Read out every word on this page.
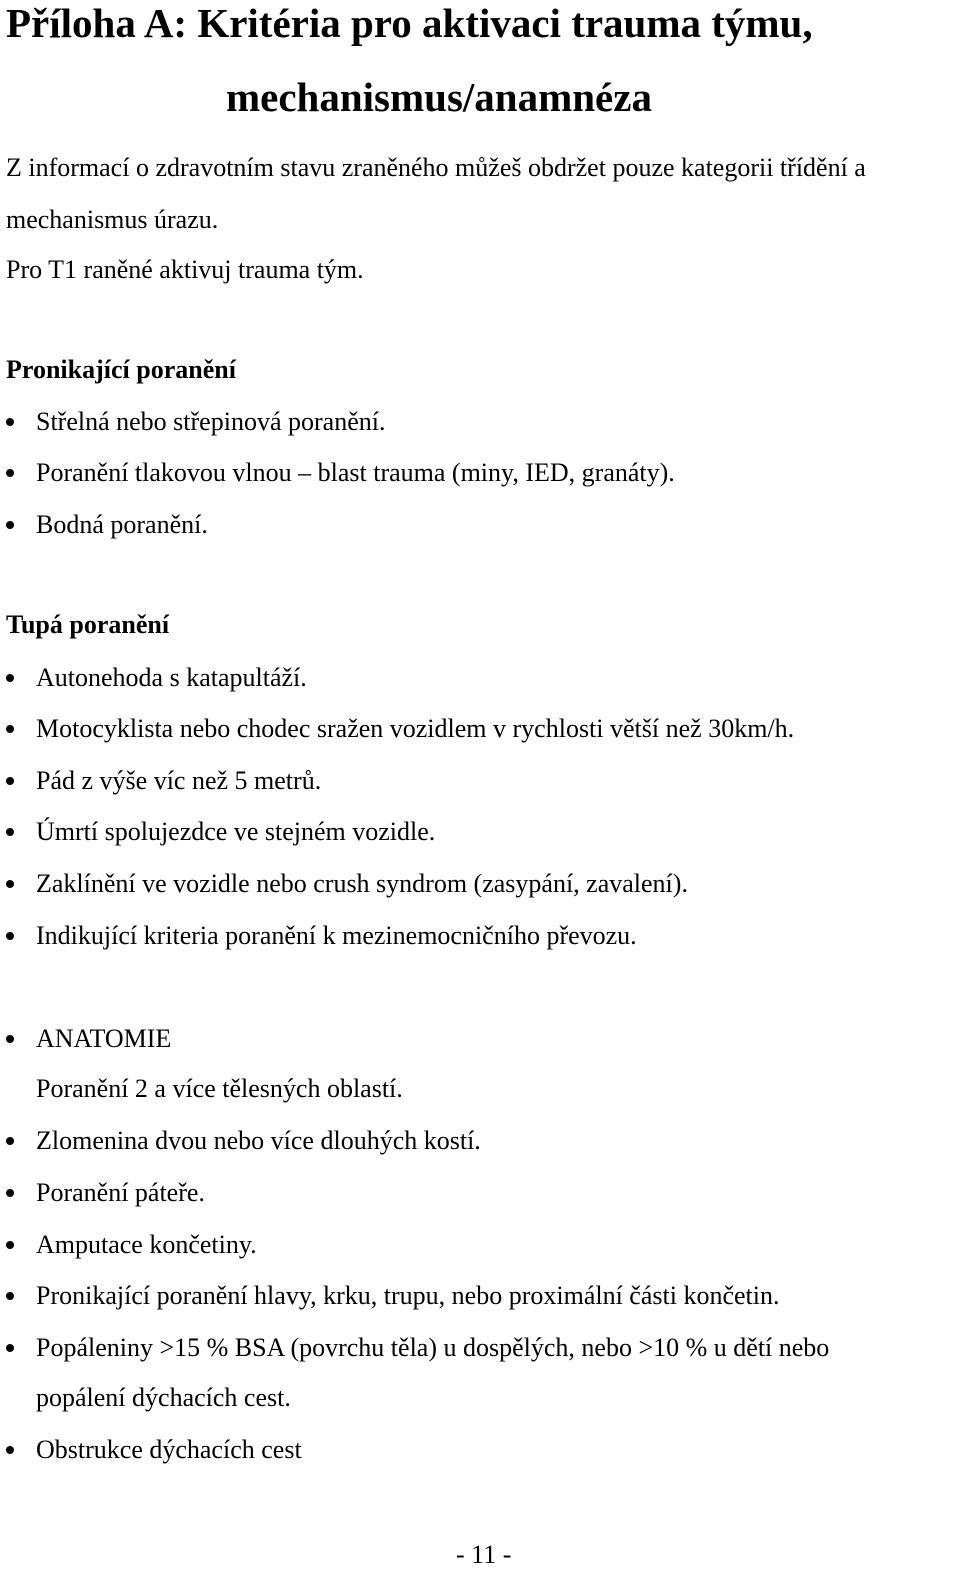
Příloha A: Kritéria pro aktivaci trauma týmu,
mechanismus/anamnéza
Z informací o zdravotním stavu zraněného můžeš obdržet pouze kategorii třídění a
mechanismus úrazu.
Pro T1 raněné aktivuj trauma tým.
Pronikající poranění
Střelná nebo střepinová poranění.
Poranění tlakovou vlnou – blast trauma (miny, IED, granáty).
Bodná poranění.
Tupá poranění
Autonehoda s katapultáží.
Motocyklista nebo chodec sražen vozidlem v rychlosti větší než 30km/h.
Pád z výše víc než 5 metrů.
Úmrtí spolujezdce ve stejném vozidle.
Zaklínění ve vozidle nebo crush syndrom (zasypání, zavalení).
Indikující kriteria poranění k mezinemocničního převozu.
ANATOMIE
Poranění 2 a více tělesných oblastí.
Zlomenina dvou nebo více dlouhých kostí.
Poranění páteře.
Amputace končetiny.
Pronikající poranění hlavy, krku, trupu, nebo proximální části končetin.
Popáleniny >15 % BSA (povrchu těla) u dospělých, nebo >10 % u dětí nebo
popálení dýchacích cest.
Obstrukce dýchacích cest
- 11 -
